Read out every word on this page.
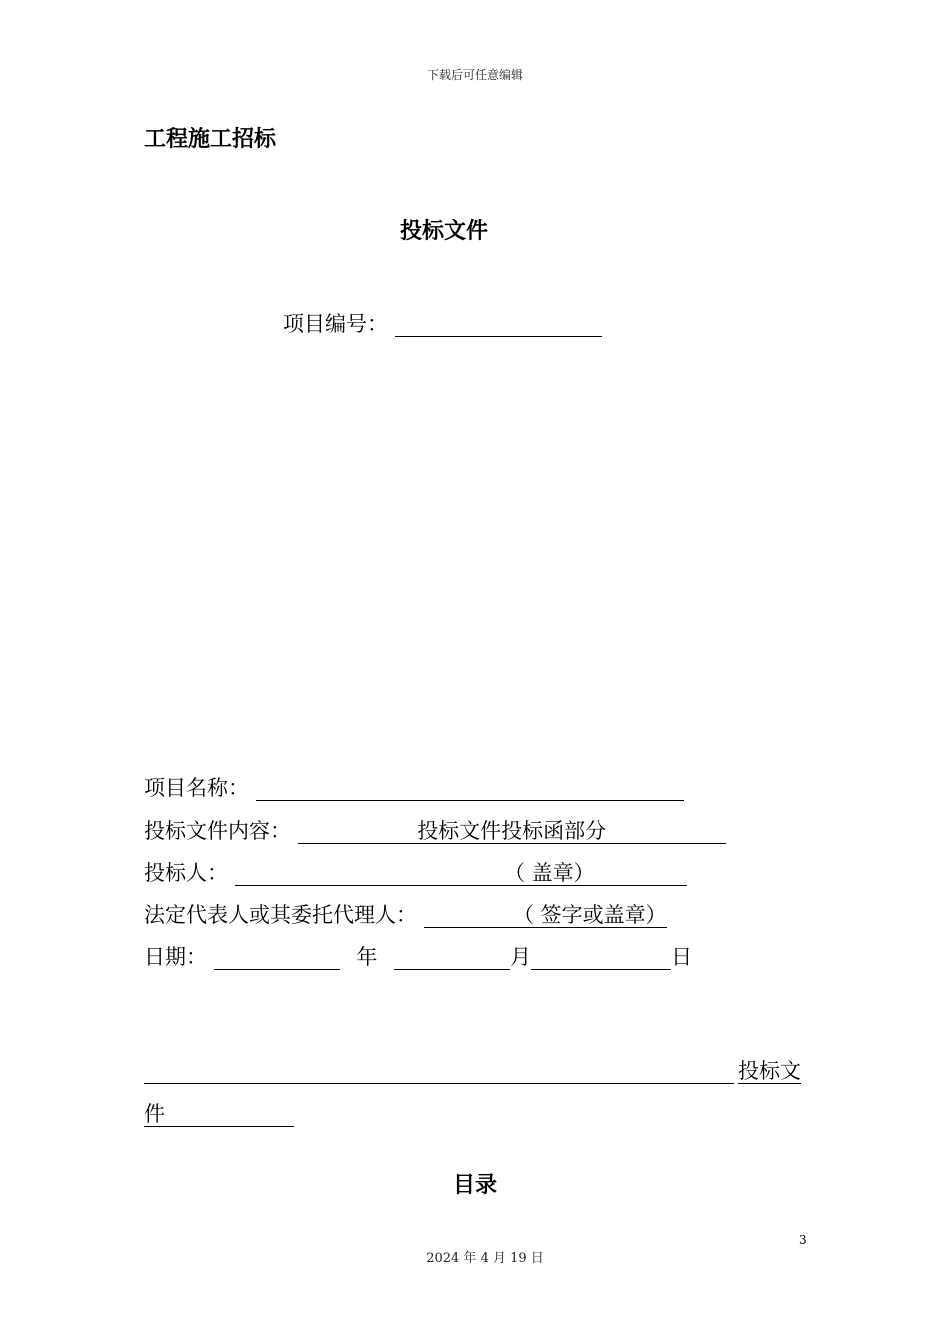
下载后可任意编辑
工程施工招标
投标文件
项目编号：
项目名称：
投标文件内容：	投标文件投标函部分
投标人：	（ 盖章）
法定代表人或其委托代理人：	（ 签字或盖章）
日期：	年	月	日
投标文
件
目录
3
2024 年 4 月 19 日
